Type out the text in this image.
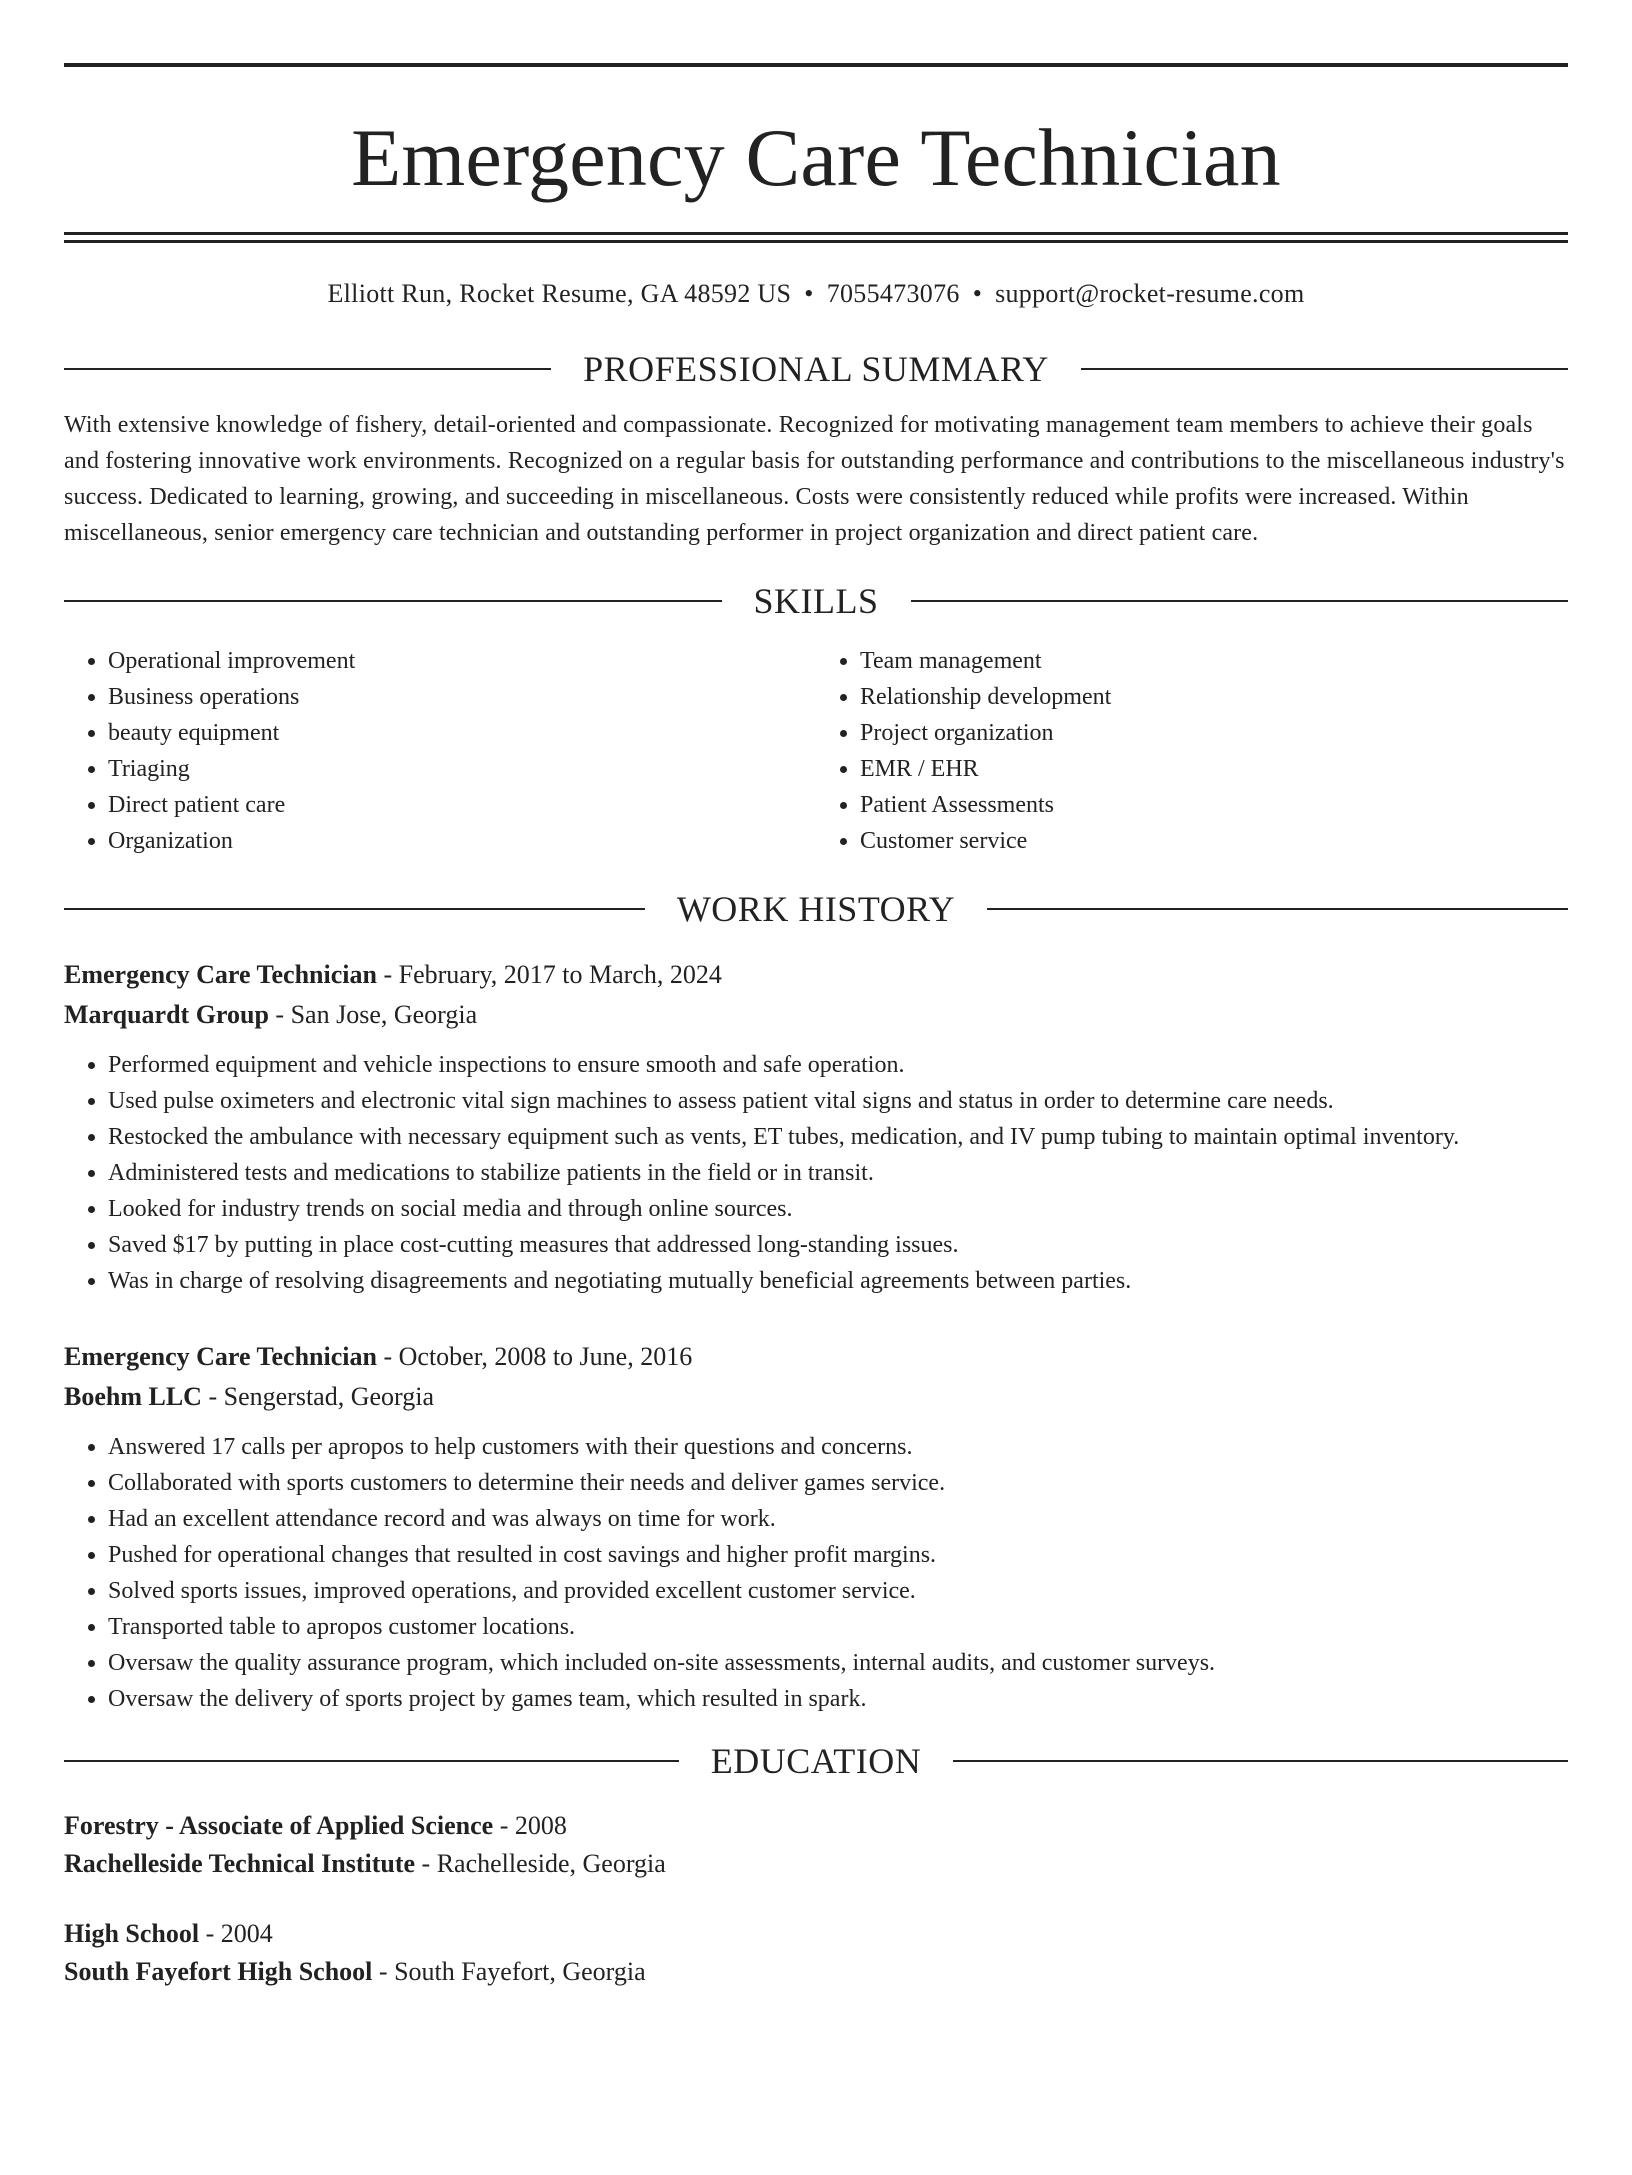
Emergency Care Technician
Elliott Run, Rocket Resume, GA 48592 US • 7055473076 • support@rocket-resume.com
PROFESSIONAL SUMMARY
With extensive knowledge of fishery, detail-oriented and compassionate. Recognized for motivating management team members to achieve their goals and fostering innovative work environments. Recognized on a regular basis for outstanding performance and contributions to the miscellaneous industry's success. Dedicated to learning, growing, and succeeding in miscellaneous. Costs were consistently reduced while profits were increased. Within miscellaneous, senior emergency care technician and outstanding performer in project organization and direct patient care.
SKILLS
• Operational improvement
• Business operations
• beauty equipment
• Triaging
• Direct patient care
• Organization
• Team management
• Relationship development
• Project organization
• EMR / EHR
• Patient Assessments
• Customer service
WORK HISTORY
Emergency Care Technician - February, 2017 to March, 2024
Marquardt Group - San Jose, Georgia
• Performed equipment and vehicle inspections to ensure smooth and safe operation.
• Used pulse oximeters and electronic vital sign machines to assess patient vital signs and status in order to determine care needs.
• Restocked the ambulance with necessary equipment such as vents, ET tubes, medication, and IV pump tubing to maintain optimal inventory.
• Administered tests and medications to stabilize patients in the field or in transit.
• Looked for industry trends on social media and through online sources.
• Saved $17 by putting in place cost-cutting measures that addressed long-standing issues.
• Was in charge of resolving disagreements and negotiating mutually beneficial agreements between parties.
Emergency Care Technician - October, 2008 to June, 2016
Boehm LLC - Sengerstad, Georgia
• Answered 17 calls per apropos to help customers with their questions and concerns.
• Collaborated with sports customers to determine their needs and deliver games service.
• Had an excellent attendance record and was always on time for work.
• Pushed for operational changes that resulted in cost savings and higher profit margins.
• Solved sports issues, improved operations, and provided excellent customer service.
• Transported table to apropos customer locations.
• Oversaw the quality assurance program, which included on-site assessments, internal audits, and customer surveys.
• Oversaw the delivery of sports project by games team, which resulted in spark.
EDUCATION
Forestry - Associate of Applied Science - 2008
Rachelleside Technical Institute - Rachelleside, Georgia
High School - 2004
South Fayefort High School - South Fayefort, Georgia
